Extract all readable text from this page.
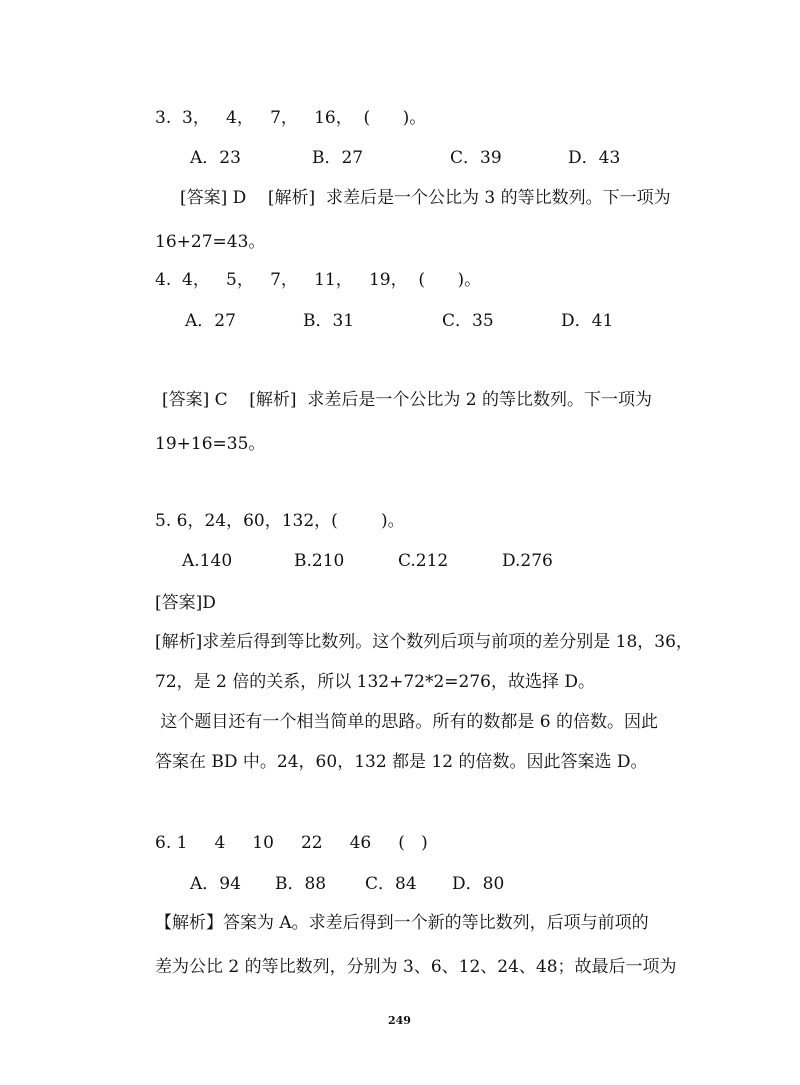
3.  3，   4，   7，   16，  (      )。

A．23

	B．27

	C．39

	D．43

[答案] D    [解析]  求差后是一个公比为 3 的等比数列。下一项为
16+27=43。
4.  4，   5，   7，   11，   19，  (      )。

A．27

	B．31

	C．35

	D．41

[答案] C    [解析]  求差后是一个公比为 2 的等比数列。下一项为
19+16=35。
5. 6，24，60，132，(        )。

A.140

	B.210

	C.212

	D.276

[答案]D
[解析]求差后得到等比数列。这个数列后项与前项的差分别是 18，36，
72，是 2 倍的关系，所以 132+72*2=276，故选择 D。
这个题目还有一个相当简单的思路。所有的数都是 6 的倍数。因此
答案在 BD 中。24，60，132 都是 12 的倍数。因此答案选 D。
6. 1     4     10     22     46     (   )

A．94

B．88

C．84

D．80

【解析】答案为 A。求差后得到一个新的等比数列，后项与前项的
差为公比 2 的等比数列，分别为 3、6、12、24、48；故最后一项为
249
